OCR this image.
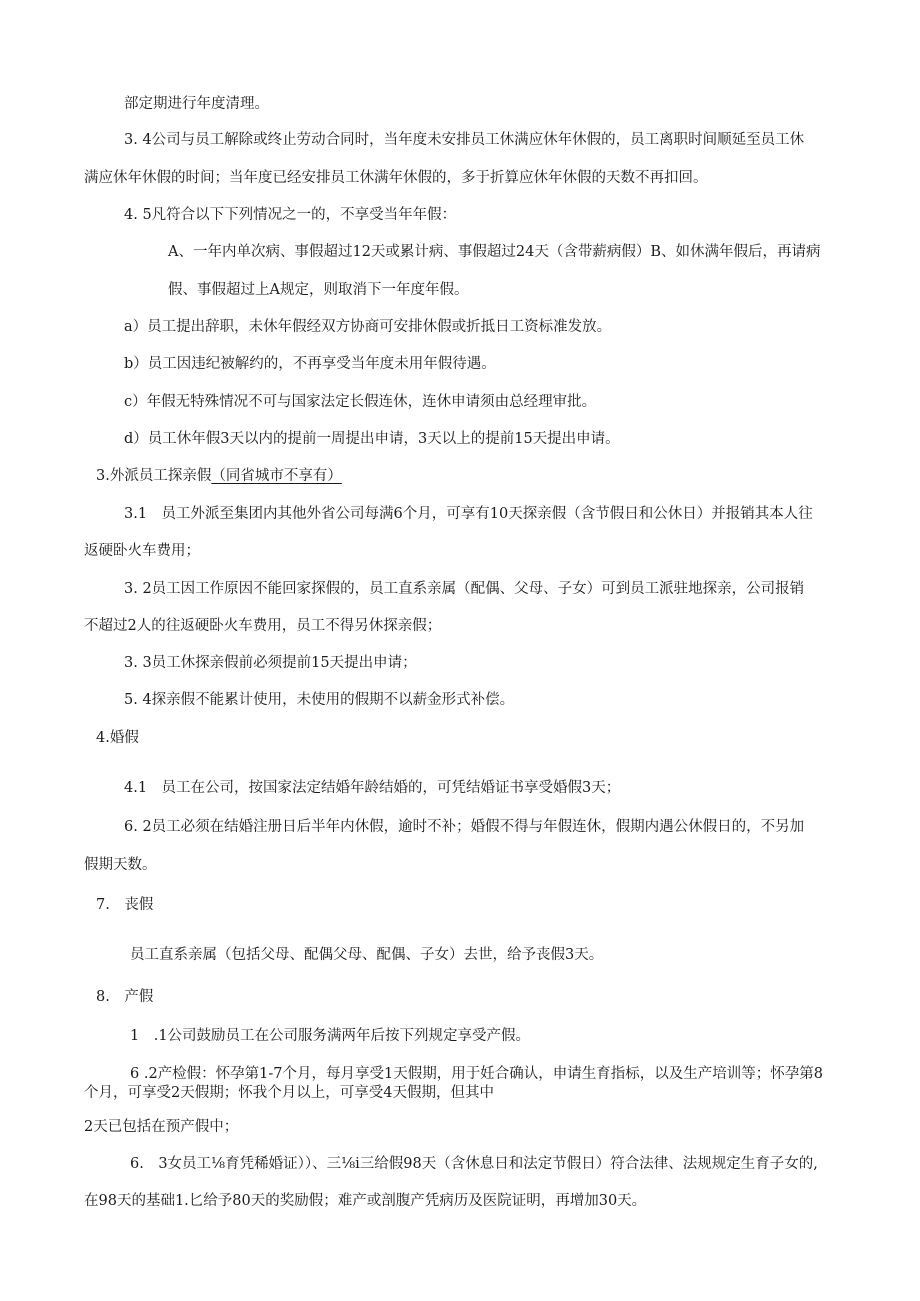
部定期进行年度清理。
3. 4公司与员工解除或终止劳动合同时，当年度未安排员工休满应休年休假的，员工离职时间顺延至员工休
满应休年休假的时间；当年度已经安排员工休满年休假的，多于折算应休年休假的天数不再扣回。
4. 5凡符合以下下列情况之一的，不享受当年年假：
A、一年内单次病、事假超过12天或累计病、事假超过24天（含带薪病假）B、如休满年假后，再请病
假、事假超过上A规定，则取消下一年度年假。
a）员工提出辞职，未休年假经双方协商可安排休假或折抵日工资标准发放。
b）员工因违纪被解约的，不再享受当年度未用年假待遇。
c）年假无特殊情况不可与国家法定长假连休，连休申请须由总经理审批。
d）员工休年假3天以内的提前一周提出申请，3天以上的提前15天提出申请。
3.外派员工探亲假（同省城市不享有）
3.1　员工外派至集团内其他外省公司每满6个月，可享有10天探亲假（含节假日和公休日）并报销其本人往
返硬卧火车费用；
3. 2员工因工作原因不能回家探假的，员工直系亲属（配偶、父母、子女）可到员工派驻地探亲，公司报销
不超过2人的往返硬卧火车费用，员工不得另休探亲假；
3. 3员工休探亲假前必须提前15天提出申请；
5. 4探亲假不能累计使用，未使用的假期不以薪金形式补偿。
4.婚假
4.1　员工在公司，按国家法定结婚年龄结婚的，可凭结婚证书享受婚假3天；
6. 2员工必须在结婚注册日后半年内休假，逾时不补；婚假不得与年假连休，假期内遇公休假日的，不另加
假期天数。
7.　丧假
员工直系亲属（包括父母、配偶父母、配偶、子女）去世，给予丧假3天。
8.　产假
1　.1公司鼓励员工在公司服务满两年后按下列规定享受产假。
6 .2产检假：怀孕第1-7个月，每月享受1天假期，用于妊合确认，申请生育指标，以及生产培训等；怀孕第8
个月，可享受2天假期；怀我个月以上，可享受4天假期，但其中
2天已包括在预产假中；
6.　3女员工⅛育凭稀婚证））、三⅛i三给假98天（含休息日和法定节假日）符合法律、法规规定生育子女的,
在98天的基础1.匕给予80天的奖励假；难产或剖腹产凭病历及医院证明，再增加30天。
